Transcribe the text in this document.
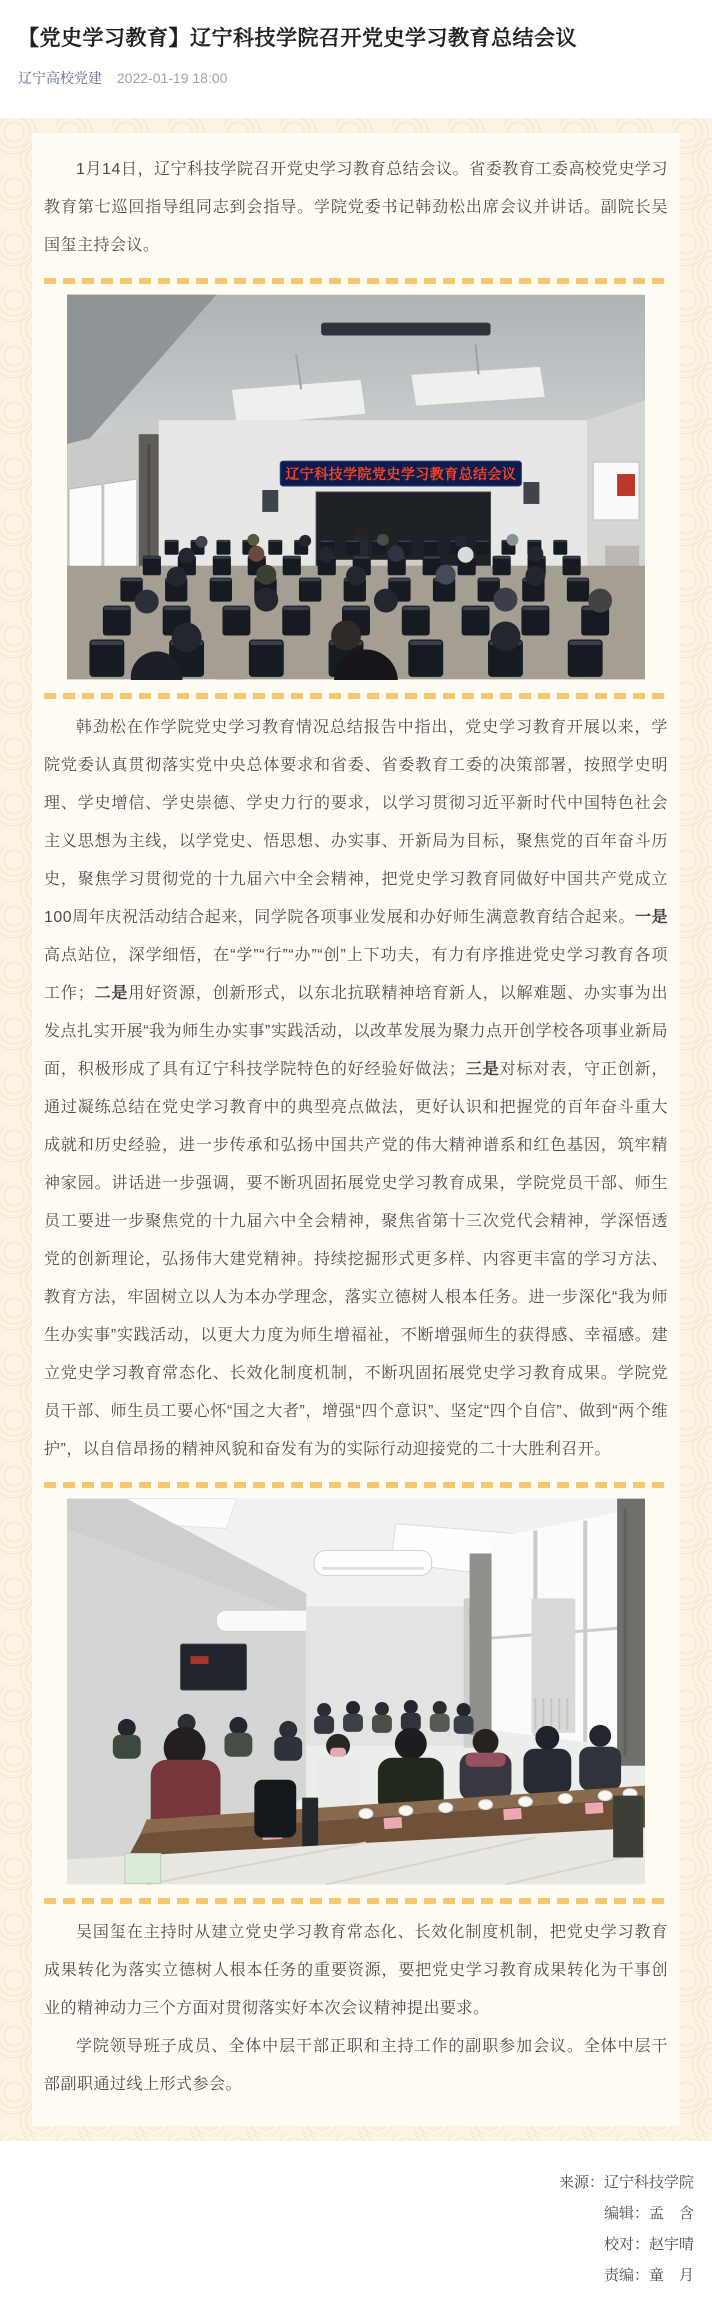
【党史学习教育】辽宁科技学院召开党史学习教育总结会议
辽宁高校党建 2022-01-19 18:00

1月14日，辽宁科技学院召开党史学习教育总结会议。省委教育工委高校党史学习教育第七巡回指导组同志到会指导。学院党委书记韩劲松出席会议并讲话。副院长吴国玺主持会议。

辽宁科技学院党史学习教育总结会议

韩劲松在作学院党史学习教育情况总结报告中指出，党史学习教育开展以来，学院党委认真贯彻落实党中央总体要求和省委、省委教育工委的决策部署，按照学史明理、学史增信、学史崇德、学史力行的要求，以学习贯彻习近平新时代中国特色社会主义思想为主线，以学党史、悟思想、办实事、开新局为目标，聚焦党的百年奋斗历史，聚焦学习贯彻党的十九届六中全会精神，把党史学习教育同做好中国共产党成立100周年庆祝活动结合起来，同学院各项事业发展和办好师生满意教育结合起来。一是高点站位，深学细悟，在“学”“行”“办”“创”上下功夫，有力有序推进党史学习教育各项工作；二是用好资源，创新形式，以东北抗联精神培育新人，以解难题、办实事为出发点扎实开展“我为师生办实事”实践活动，以改革发展为聚力点开创学校各项事业新局面，积极形成了具有辽宁科技学院特色的好经验好做法；三是对标对表，守正创新，通过凝练总结在党史学习教育中的典型亮点做法，更好认识和把握党的百年奋斗重大成就和历史经验，进一步传承和弘扬中国共产党的伟大精神谱系和红色基因，筑牢精神家园。讲话进一步强调，要不断巩固拓展党史学习教育成果，学院党员干部、师生员工要进一步聚焦党的十九届六中全会精神，聚焦省第十三次党代会精神，学深悟透党的创新理论，弘扬伟大建党精神。持续挖掘形式更多样、内容更丰富的学习方法、教育方法，牢固树立以人为本办学理念，落实立德树人根本任务。进一步深化“我为师生办实事”实践活动，以更大力度为师生增福祉，不断增强师生的获得感、幸福感。建立党史学习教育常态化、长效化制度机制，不断巩固拓展党史学习教育成果。学院党员干部、师生员工要心怀“国之大者”，增强“四个意识”、坚定“四个自信”、做到“两个维护”，以自信昂扬的精神风貌和奋发有为的实际行动迎接党的二十大胜利召开。

吴国玺在主持时从建立党史学习教育常态化、长效化制度机制，把党史学习教育成果转化为落实立德树人根本任务的重要资源，要把党史学习教育成果转化为干事创业的精神动力三个方面对贯彻落实好本次会议精神提出要求。

学院领导班子成员、全体中层干部正职和主持工作的副职参加会议。全体中层干部副职通过线上形式参会。

来源：辽宁科技学院
编辑：孟　含
校对：赵宇晴
责编：童　月
